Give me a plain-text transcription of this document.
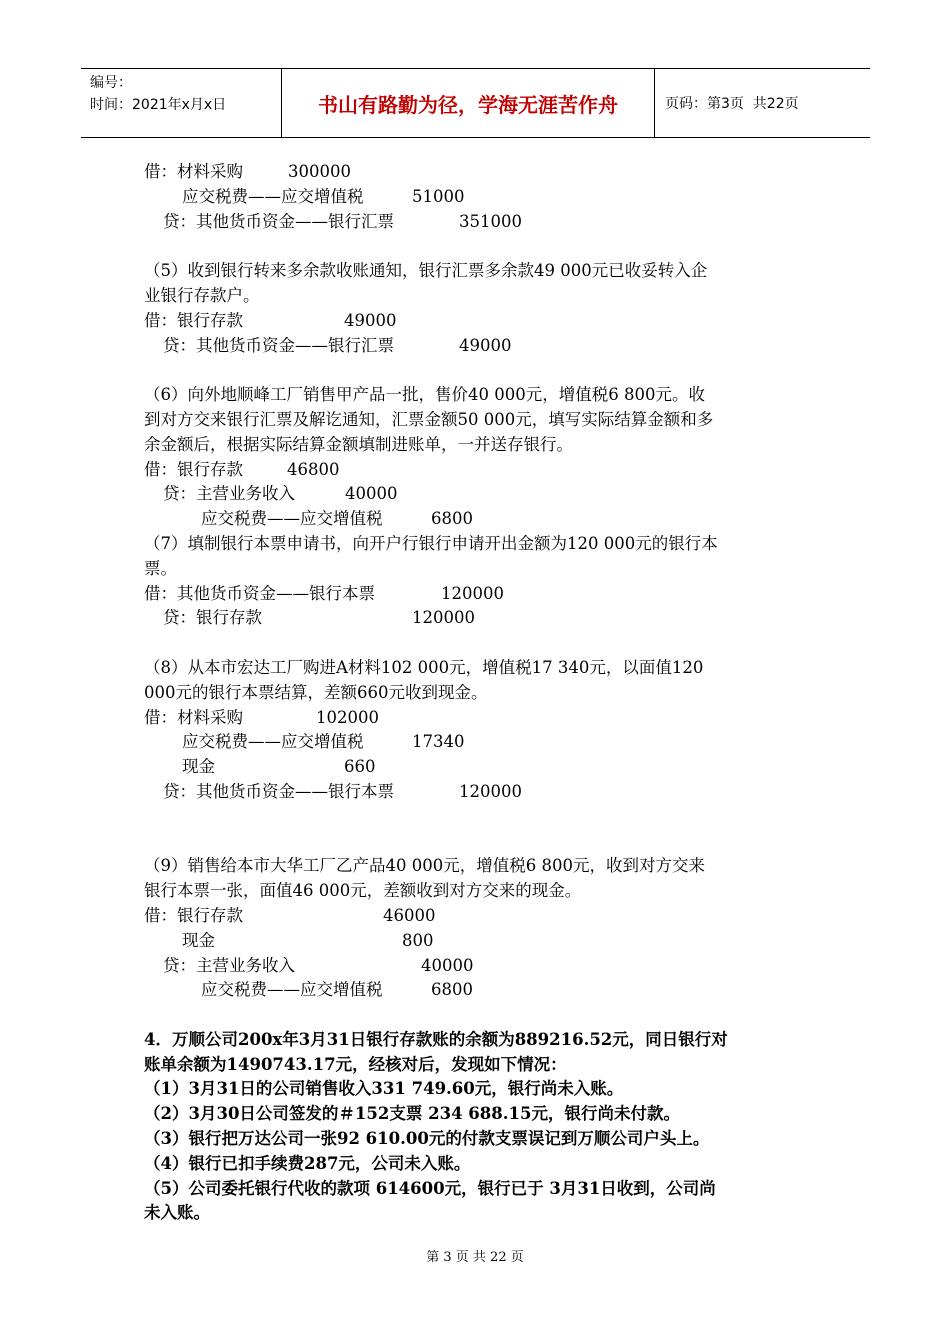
编号：
时间：2021年x月x日	书山有路勤为径，学海无涯苦作舟	页码：第3页  共22页
借：材料采购	300000
应交税费——应交增值税	51000
贷：其他货币资金——银行汇票	351000
（5）收到银行转来多余款收账通知，银行汇票多余款49 000元已收妥转入企
业银行存款户。
借：银行存款	49000
贷：其他货币资金——银行汇票	49000
（6）向外地顺峰工厂销售甲产品一批，售价40 000元，增值税6 800元。收
到对方交来银行汇票及解讫通知，汇票金额50 000元，填写实际结算金额和多
余金额后，根据实际结算金额填制进账单，一并送存银行。
借：银行存款	46800
贷：主营业务收入	40000
应交税费——应交增值税	6800
（7）填制银行本票申请书，向开户行银行申请开出金额为120 000元的银行本
票。
借：其他货币资金——银行本票	120000
贷：银行存款	120000
（8）从本市宏达工厂购进A材料102 000元，增值税17 340元，以面值120
000元的银行本票结算，差额660元收到现金。
借：材料采购	102000
应交税费——应交增值税	17340
现金	660
贷：其他货币资金——银行本票	120000
（9）销售给本市大华工厂乙产品40 000元，增值税6 800元，收到对方交来
银行本票一张，面值46 000元，差额收到对方交来的现金。
借：银行存款	46000
现金	800
贷：主营业务收入	40000
应交税费——应交增值税	6800
4．万顺公司200x年3月31日银行存款账的余额为889216.52元，同日银行对
账单余额为1490743.17元，经核对后，发现如下情况：
（1）3月31日的公司销售收入331 749.60元，银行尚未入账。
（2）3月30日公司签发的＃152支票 234 688.15元，银行尚未付款。
（3）银行把万达公司一张92 610.00元的付款支票误记到万顺公司户头上。
（4）银行已扣手续费287元，公司未入账。
（5）公司委托银行代收的款项 614600元，银行已于 3月31日收到，公司尚
未入账。
第 3 页 共 22 页
